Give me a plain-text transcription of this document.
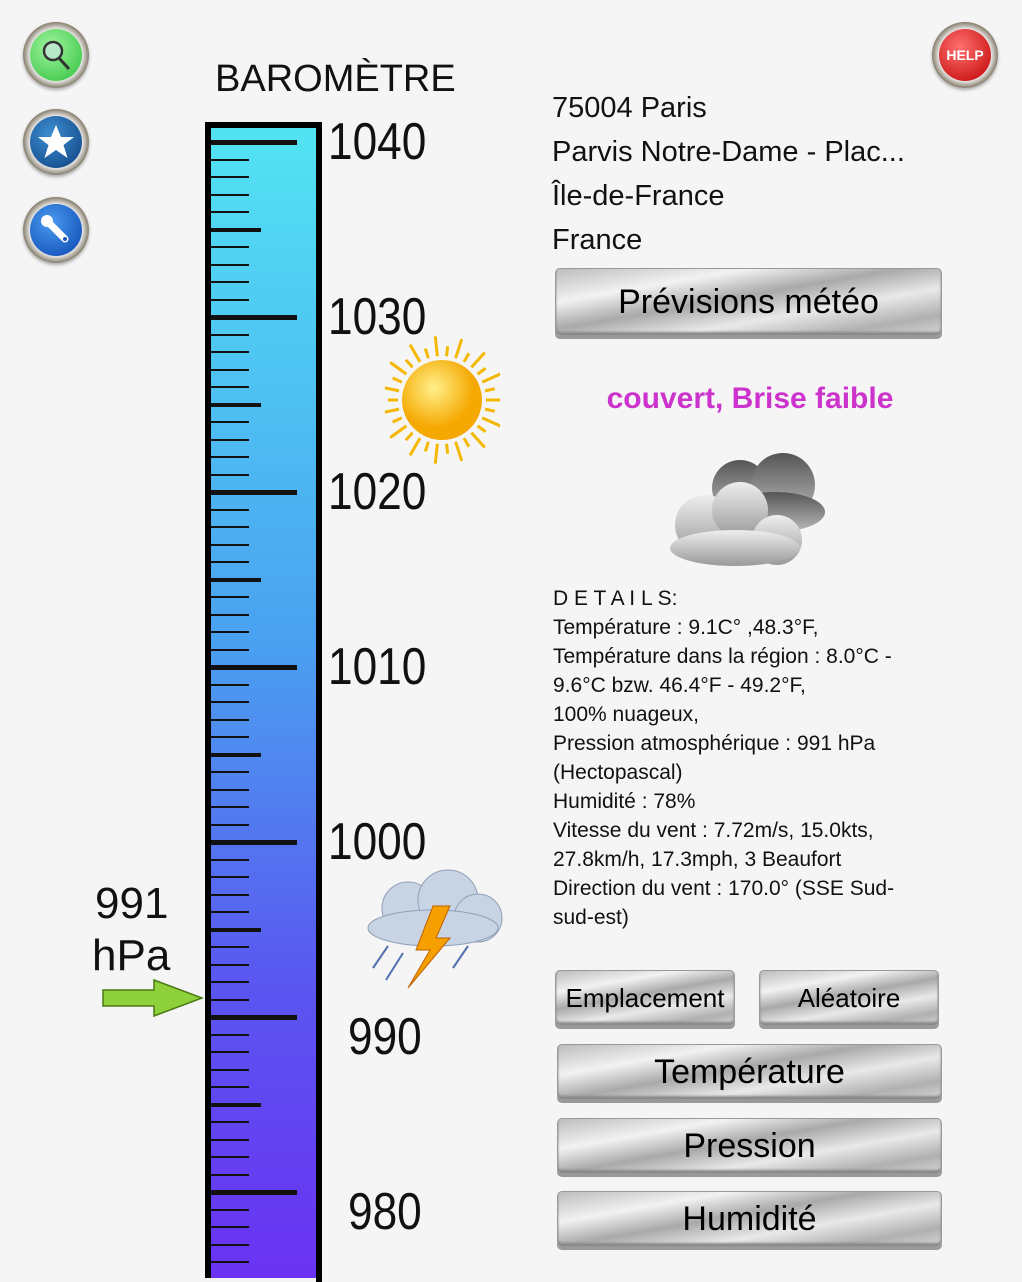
HELP
BAROMÈTRE
1040
1030
1020
1010
1000
990
980
991
hPa
75004 Paris
Parvis Notre-Dame - Plac...
Île-de-France
France
Prévisions météo
couvert, Brise faible
D E T A I L S:
Température : 9.1C° ,48.3°F,
Température dans la région : 8.0°C -
9.6°C bzw. 46.4°F - 49.2°F,
100% nuageux,
Pression atmosphérique : 991 hPa
(Hectopascal)
Humidité : 78%
Vitesse du vent : 7.72m/s, 15.0kts,
27.8km/h, 17.3mph, 3 Beaufort
Direction du vent : 170.0° (SSE Sud-
sud-est)
Emplacement	Aléatoire
Température
Pression
Humidité
